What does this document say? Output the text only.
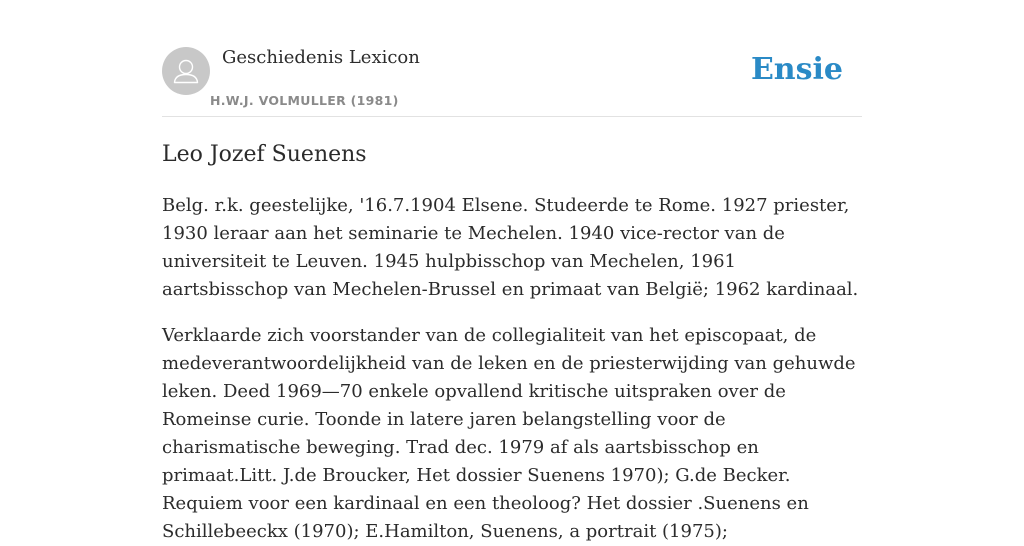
Geschiedenis Lexicon
H.W.J. VOLMULLER (1981)
Ensie
Leo Jozef Suenens

Belg. r.k. geestelijke, '16.7.1904 Elsene. Studeerde te Rome. 1927 priester, 1930 leraar aan het seminarie te Mechelen. 1940 vice-rector van de universiteit te Leuven. 1945 hulpbisschop van Mechelen, 1961 aartsbisschop van Mechelen-Brussel en primaat van België; 1962 kardinaal.

Verklaarde zich voorstander van de collegialiteit van het episcopaat, de medeverantwoordelijkheid van de leken en de priesterwijding van gehuwde leken. Deed 1969—70 enkele opvallend kritische uitspraken over de Romeinse curie. Toonde in latere jaren belangstelling voor de charismatische beweging. Trad dec. 1979 af als aartsbisschop en primaat.Litt. J.de Broucker, Het dossier Suenens 1970); G.de Becker. Requiem voor een kardinaal en een theoloog? Het dossier .Suenens en Schillebeeckx (1970); E.Hamilton, Suenens, a portrait (1975);
